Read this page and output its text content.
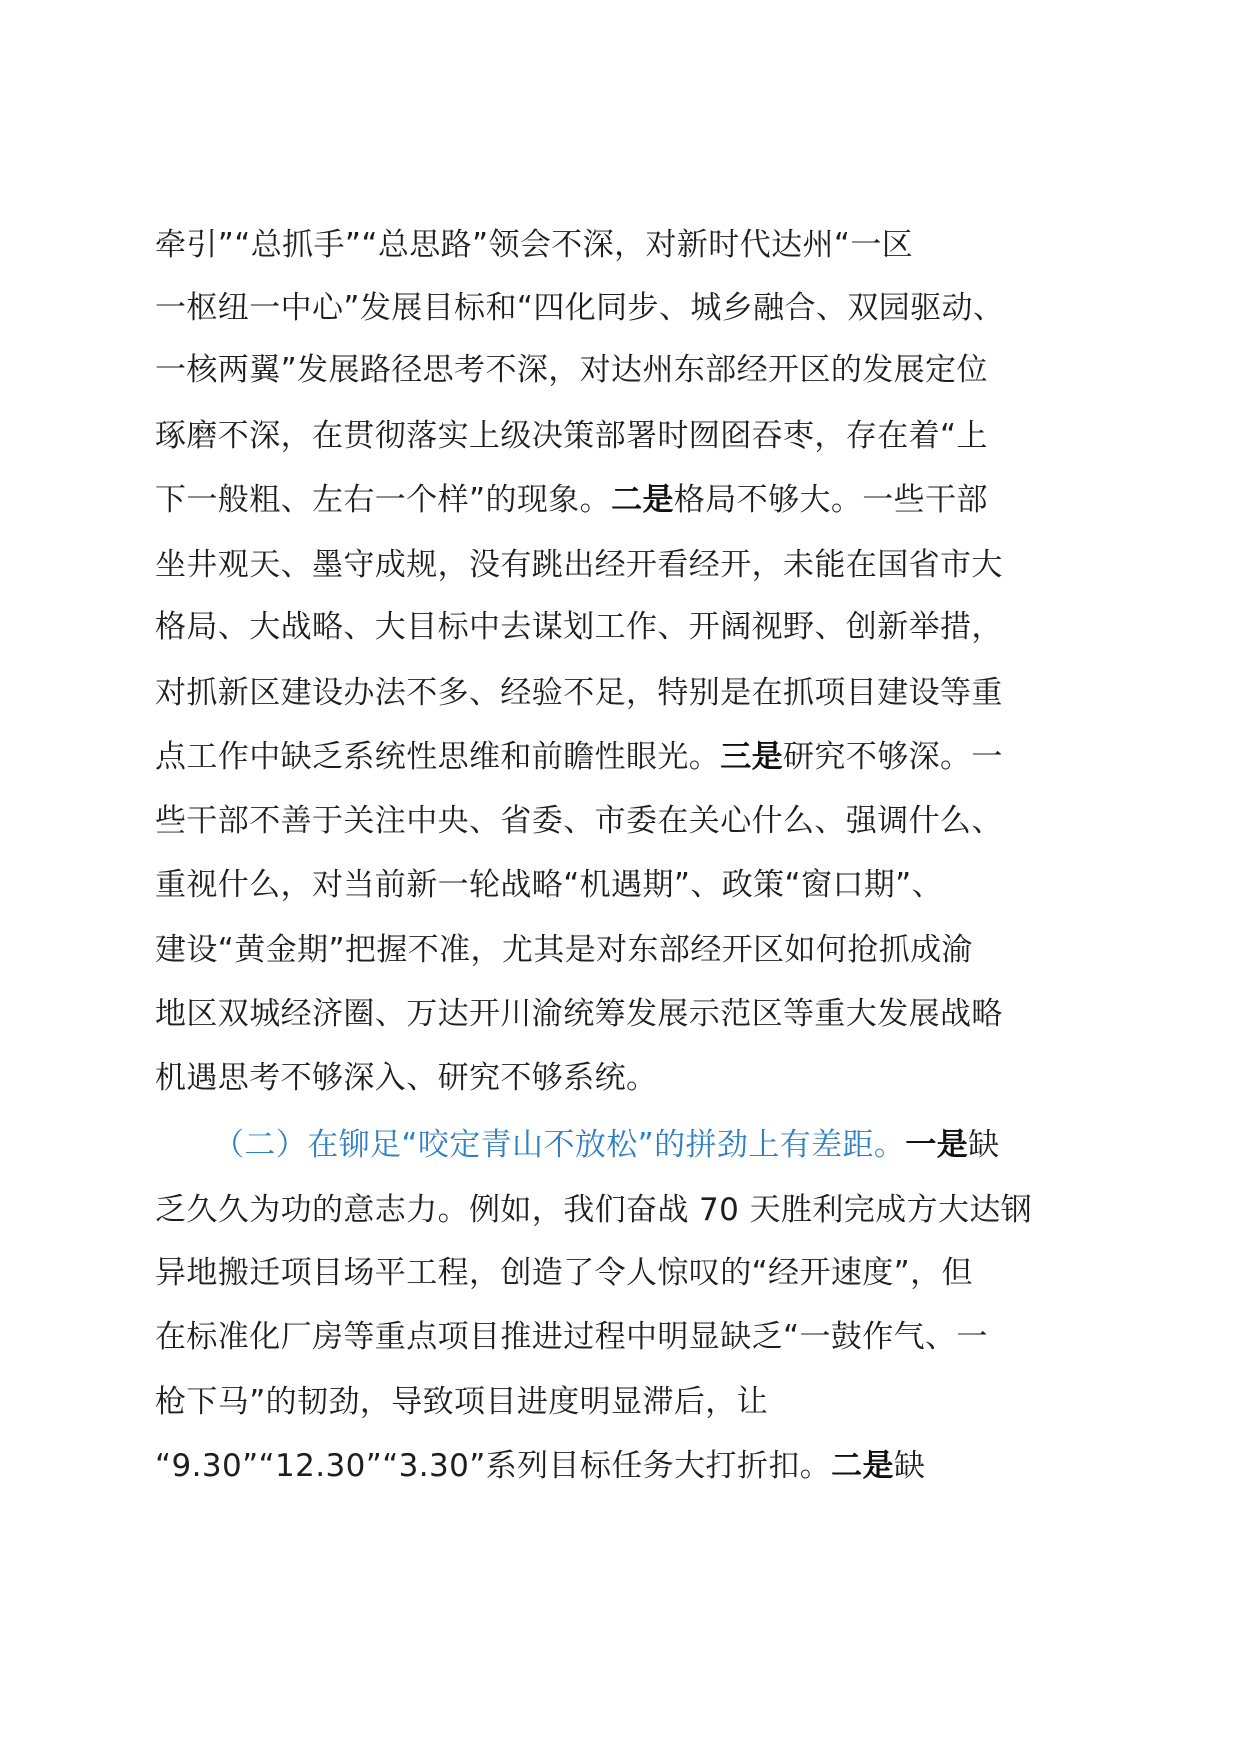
牵引”“总抓手”“总思路”领会不深，对新时代达州“一区
一枢纽一中心”发展目标和“四化同步、城乡融合、双园驱动、
一核两翼”发展路径思考不深，对达州东部经开区的发展定位
琢磨不深，在贯彻落实上级决策部署时囫囵吞枣，存在着“上
下一般粗、左右一个样”的现象。二是格局不够大。一些干部
坐井观天、墨守成规，没有跳出经开看经开，未能在国省市大
格局、大战略、大目标中去谋划工作、开阔视野、创新举措，
对抓新区建设办法不多、经验不足，特别是在抓项目建设等重
点工作中缺乏系统性思维和前瞻性眼光。三是研究不够深。一
些干部不善于关注中央、省委、市委在关心什么、强调什么、
重视什么，对当前新一轮战略“机遇期”、政策“窗口期”、
建设“黄金期”把握不准，尤其是对东部经开区如何抢抓成渝
地区双城经济圈、万达开川渝统筹发展示范区等重大发展战略
机遇思考不够深入、研究不够系统。
（二）在铆足“咬定青山不放松”的拼劲上有差距。一是缺
乏久久为功的意志力。例如，我们奋战 70 天胜利完成方大达钢
异地搬迁项目场平工程，创造了令人惊叹的“经开速度”，但
在标准化厂房等重点项目推进过程中明显缺乏“一鼓作气、一
枪下马”的韧劲，导致项目进度明显滞后，让
“9.30”“12.30”“3.30”系列目标任务大打折扣。二是缺
